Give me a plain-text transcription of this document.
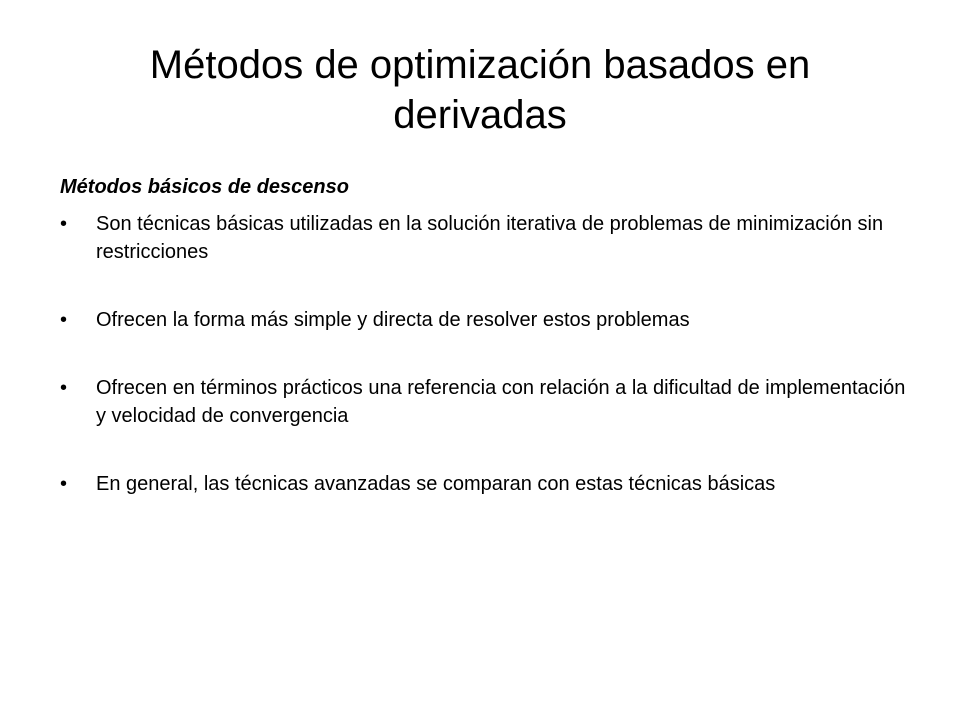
Métodos de optimización basados en derivadas
Métodos básicos de descenso
•	Son técnicas básicas utilizadas en la solución iterativa de problemas de minimización sin restricciones
•	Ofrecen la forma más simple y directa de resolver estos problemas
•	Ofrecen en términos prácticos una referencia con relación a la dificultad de implementación y velocidad de convergencia
•	En general, las técnicas avanzadas se comparan con estas técnicas básicas
